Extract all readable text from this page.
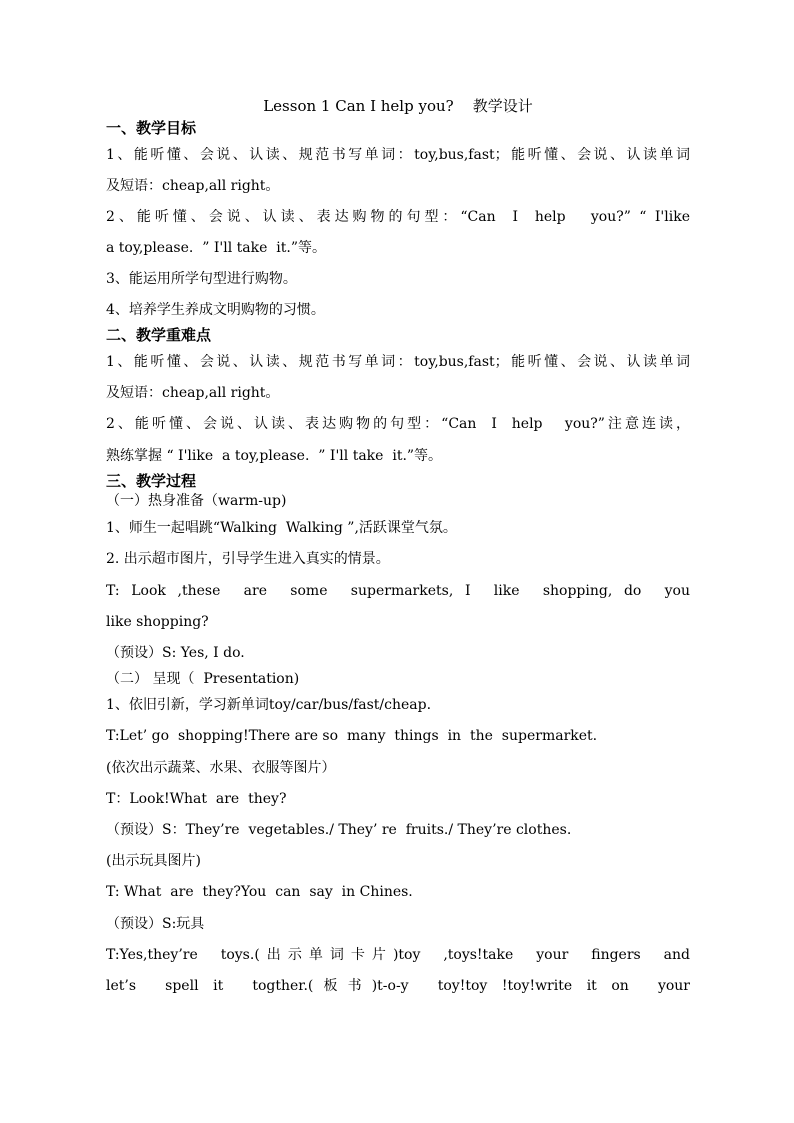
Lesson 1 Can I help you?    教学设计
一、教学目标
1、能听懂、会说、认读、规范书写单词：toy,bus,fast；能听懂、会说、认读单词
及短语：cheap,all right。
2、能听懂、会说、认读、表达购物的句型：“Can  I  help   you?” “ I'like
a toy,please.  ” I'll take  it.”等。
3、能运用所学句型进行购物。
4、培养学生养成文明购物的习惯。
二、教学重难点
1、能听懂、会说、认读、规范书写单词：toy,bus,fast；能听懂、会说、认读单词
及短语：cheap,all right。
2、能听懂、会说、认读、表达购物的句型：“Can  I  help   you?”注意连读，
熟练掌握 “ I'like  a toy,please.  ” I'll take  it.”等。
三、教学过程
（一）热身准备（warm-up)
1、师生一起唱跳“Walking  Walking ”,活跃课堂气氛。
2. 出示超市图片，引导学生进入真实的情景。
T: Look ,these  are  some  supermarkets, I  like  shopping, do  you
like shopping?
（预设）S: Yes, I do.
（二） 呈现（  Presentation)
1、依旧引新，学习新单词toy/car/bus/fast/cheap.
T:Let’ go  shopping!There are so  many  things  in  the  supermarket.
(依次出示蔬菜、水果、衣服等图片）
T：Look!What  are  they?
（预设）S：They’re  vegetables./ They’ re  fruits./ They’re clothes.
(出示玩具图片)
T: What  are  they?You  can  say  in Chines.
（预设）S:玩具
T:Yes,they’re  toys.(出示单词卡片)toy  ,toys!take  your  fingers  and
let’s  spell it  togther.(板书)t-o-y  toy!toy !toy!write it on  your
